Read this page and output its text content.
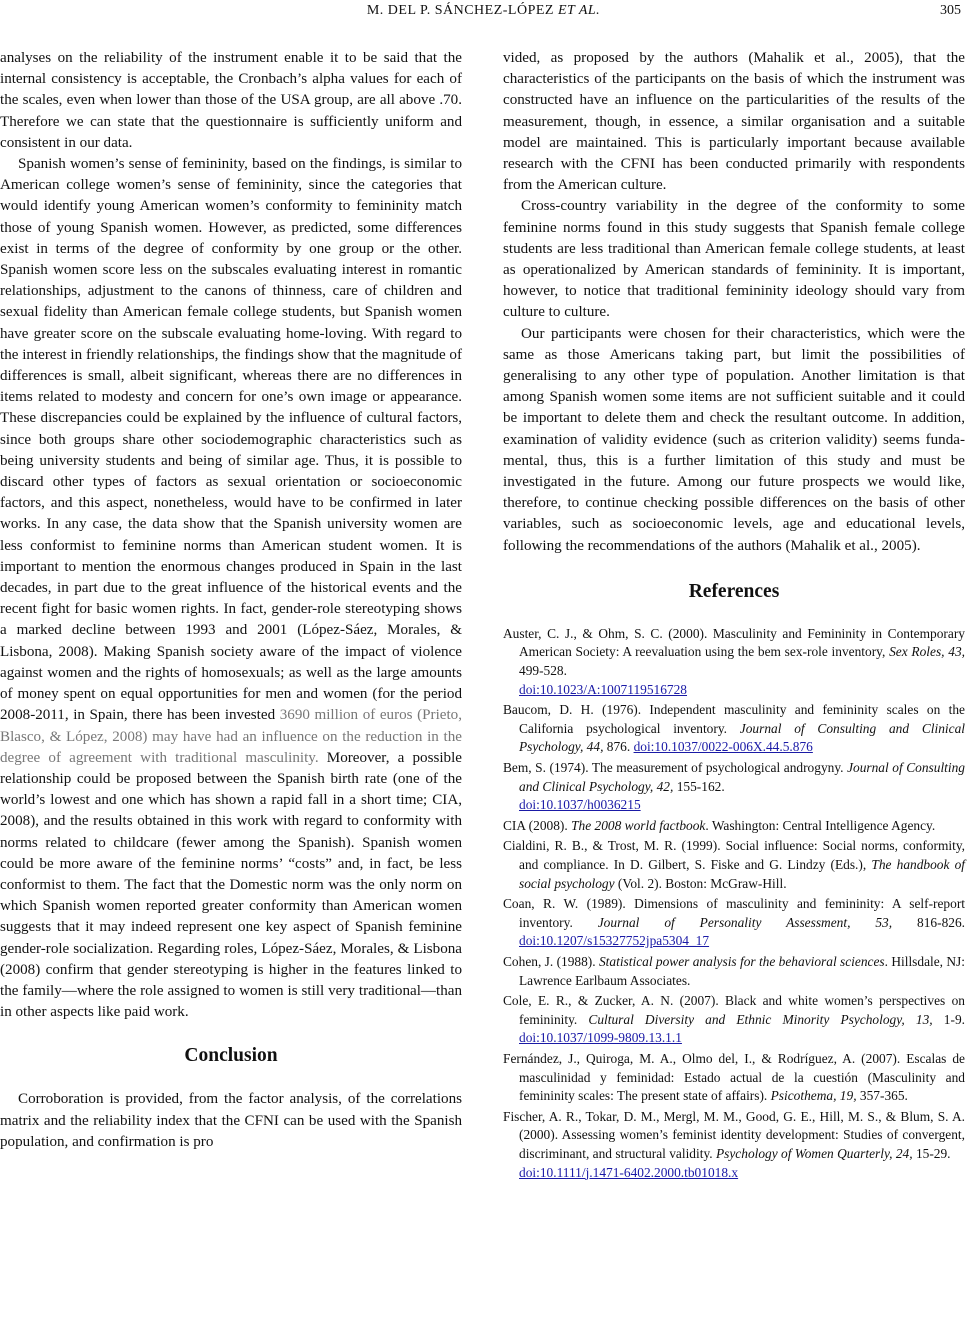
M. DEL P. SÁNCHEZ-LÓPEZ ET AL.	305

analyses on the reliability of the instrument enable it to be said that the internal consistency is acceptable, the Cronbach’s alpha values for each of the scales, even when lower than those of the USA group, are all above .70. Therefore we can state that the questionnaire is sufficiently uniform and consistent in our data.

Spanish women’s sense of femininity, based on the findings, is similar to American college women’s sense of femininity, since the categories that would identify young American women’s conformity to femininity match those of young Spanish women. However, as predicted, some differences exist in terms of the degree of conformity by one group or the other. Spanish women score less on the subscales evaluating interest in romantic relationships, adjustment to the canons of thinness, care of children and sexual fidelity than American female college students, but Spanish women have greater score on the subscale evaluating home-loving. With regard to the interest in friendly relationships, the findings show that the magnitude of differences is small, albeit significant, whereas there are no differences in items related to modesty and concern for one’s own image or appearance. These discrepancies could be explained by the influence of cultural factors, since both groups share other sociodemographic characteristics such as being university students and being of similar age. Thus, it is possible to discard other types of factors as sexual orientation or socioeconomic factors, and this aspect, nonetheless, would have to be confirmed in later works. In any case, the data show that the Spanish university women are less conformist to feminine norms than American student women. It is important to mention the enormous changes produced in Spain in the last decades, in part due to the great influence of the historical events and the recent fight for basic women rights. In fact, gender-role stereotyping shows a marked decline between 1993 and 2001 (López-Sáez, Morales, & Lisbona, 2008). Making Spanish society aware of the impact of violence against women and the rights of homosexuals; as well as the large amounts of money spent on equal opportunities for men and women (for the period 2008-2011, in Spain, there has been invested 3690 million of euros (Prieto, Blasco, & López, 2008) may have had an influence on the reduction in the degree of agreement with traditional masculinity. Moreover, a possible relationship could be proposed between the Spanish birth rate (one of the world’s lowest and one which has shown a rapid fall in a short time; CIA, 2008), and the results obtained in this work with regard to conformity with norms related to childcare (fewer among the Spanish). Spanish women could be more aware of the feminine norms’ “costs” and, in fact, be less conformist to them. The fact that the Domestic norm was the only norm on which Spanish women reported greater conformity than American women suggests that it may indeed represent one key aspect of Spanish feminine gender-role socialization. Regarding roles, López-Sáez, Morales, & Lisbona (2008) confirm that gender stereotyping is higher in the features linked to the family—where the role assigned to women is still very traditional—than in other aspects like paid work.

Conclusion

Corroboration is provided, from the factor analysis, of the correlations matrix and the reliability index that the CFNI can be used with the Spanish population, and confirmation is pro

vided, as proposed by the authors (Mahalik et al., 2005), that the characteristics of the participants on the basis of which the instrument was constructed have an influence on the particularities of the results of the measurement, though, in essence, a similar organisation and a suitable model are maintained. This is particularly important because available research with the CFNI has been conducted primarily with respondents from the American culture.

Cross-country variability in the degree of the conformity to some feminine norms found in this study suggests that Spanish female college students are less traditional than American female college students, at least as operationalized by American standards of femininity. It is important, however, to notice that traditional femininity ideology should vary from culture to culture.

Our participants were chosen for their characteristics, which were the same as those Americans taking part, but limit the possibilities of generalising to any other type of population. Another limitation is that among Spanish women some items are not sufficient suitable and it could be important to delete them and check the resultant outcome. In addition, examination of validity evidence (such as criterion validity) seems fundamental, thus, this is a further limitation of this study and must be investigated in the future. Among our future prospects we would like, therefore, to continue checking possible differences on the basis of other variables, such as socioeconomic levels, age and educational levels, following the recommendations of the authors (Mahalik et al., 2005).

References

Auster, C. J., & Ohm, S. C. (2000). Masculinity and Femininity in Contemporary American Society: A reevaluation using the bem sex-role inventory, Sex Roles, 43, 499-528.
doi:10.1023/A:1007119516728

Baucom, D. H. (1976). Independent masculinity and femininity scales on the California psychological inventory. Journal of Consulting and Clinical Psychology, 44, 876. doi:10.1037/0022-006X.44.5.876

Bem, S. (1974). The measurement of psychological androgyny. Journal of Consulting and Clinical Psychology, 42, 155-162.
doi:10.1037/h0036215

CIA (2008). The 2008 world factbook. Washington: Central Intelligence Agency.

Cialdini, R. B., & Trost, M. R. (1999). Social influence: Social norms, conformity, and compliance. In D. Gilbert, S. Fiske and G. Lindzy (Eds.), The handbook of social psychology (Vol. 2). Boston: McGraw-Hill.

Coan, R. W. (1989). Dimensions of masculinity and femininity: A self-report inventory. Journal of Personality Assessment, 53, 816-826. doi:10.1207/s15327752jpa5304_17

Cohen, J. (1988). Statistical power analysis for the behavioral sciences. Hillsdale, NJ: Lawrence Earlbaum Associates.

Cole, E. R., & Zucker, A. N. (2007). Black and white women’s perspectives on femininity. Cultural Diversity and Ethnic Minority Psychology, 13, 1-9. doi:10.1037/1099-9809.13.1.1

Fernández, J., Quiroga, M. A., Olmo del, I., & Rodríguez, A. (2007). Escalas de masculinidad y feminidad: Estado actual de la cuestión (Masculinity and femininity scales: The present state of affairs). Psicothema, 19, 357-365.

Fischer, A. R., Tokar, D. M., Mergl, M. M., Good, G. E., Hill, M. S., & Blum, S. A. (2000). Assessing women’s feminist identity development: Studies of convergent, discriminant, and structural validity. Psychology of Women Quarterly, 24, 15-29.
doi:10.1111/j.1471-6402.2000.tb01018.x
